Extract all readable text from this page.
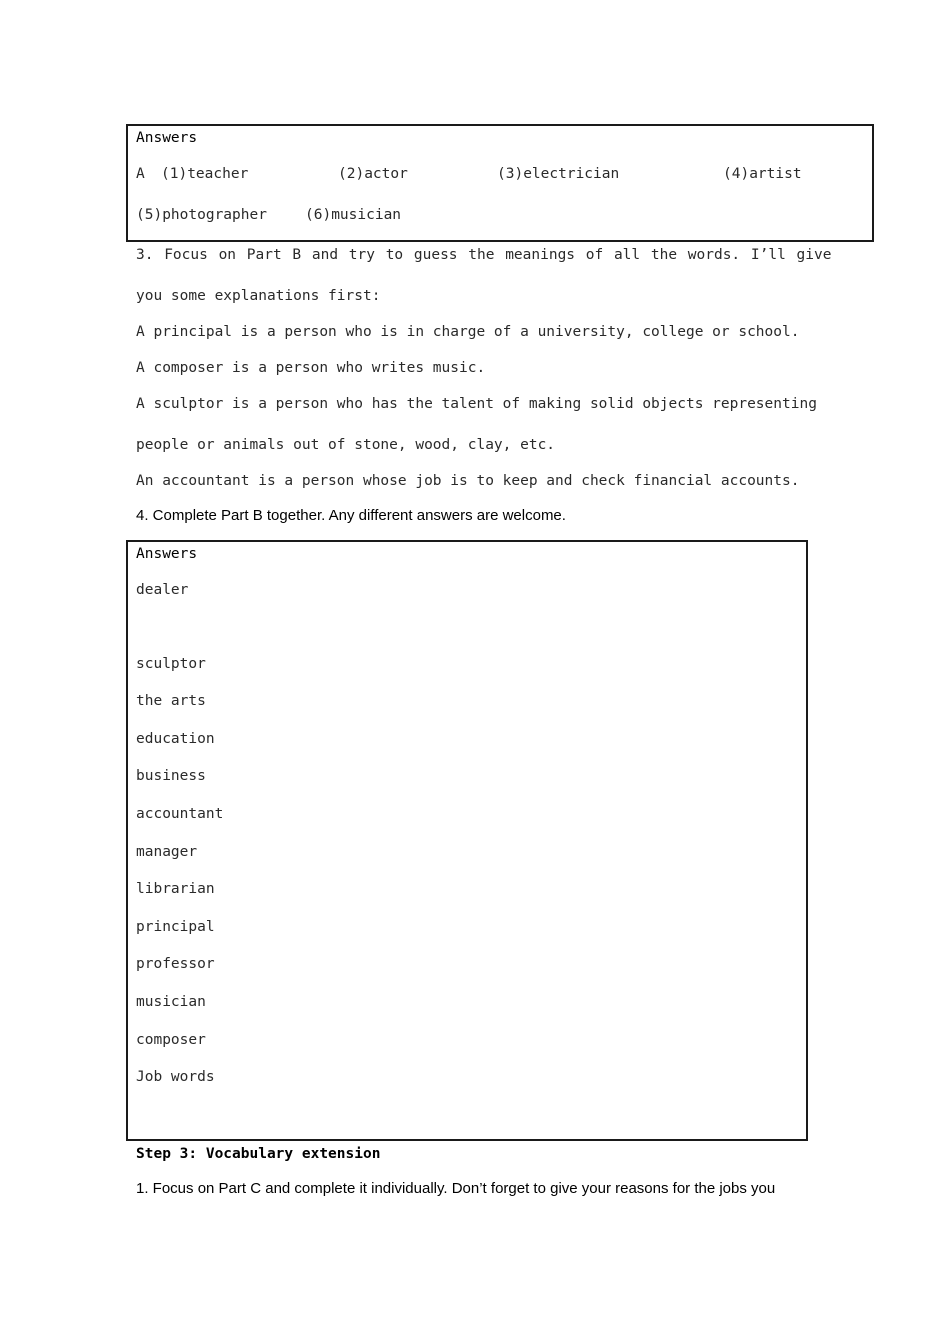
Answers
A (1)teacher	(2)actor	(3)electrician	(4)artist
(5)photographer	(6)musician
3. Focus on Part B and try to guess the meanings of all the words. I’ll give
you some explanations first:
A principal is a person who is in charge of a university, college or school.
A composer is a person who writes music.
A sculptor is a person who has the talent of making solid objects representing
people or animals out of stone, wood, clay, etc.
An accountant is a person whose job is to keep and check financial accounts.
4. Complete Part B together. Any different answers are welcome.
Answers
dealer
sculptor
the arts
education
business
accountant
manager
librarian
principal
professor
musician
composer
Job words
Step 3: Vocabulary extension
1. Focus on Part C and complete it individually. Don’t forget to give your reasons for the jobs you
